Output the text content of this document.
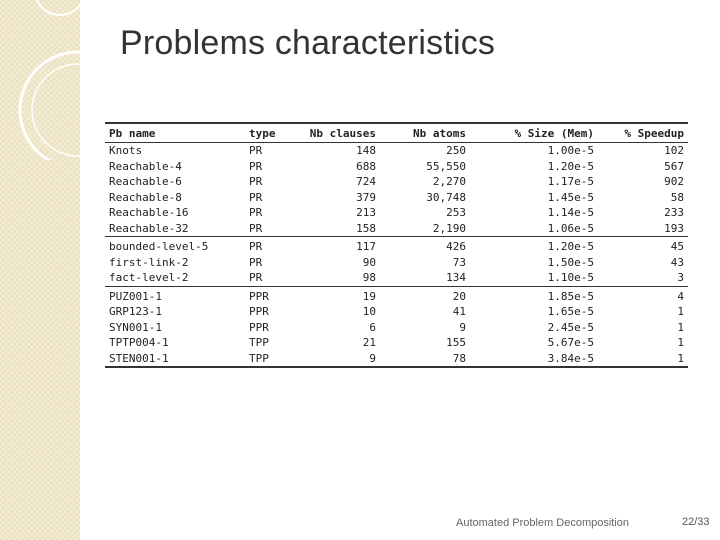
Problems characteristics
Pb name	type	Nb clauses	Nb atoms	% Size (Mem)	% Speedup
Knots	PR	148	250	1.00e-5	102
Reachable-4	PR	688	55,550	1.20e-5	567
Reachable-6	PR	724	2,270	1.17e-5	902
Reachable-8	PR	379	30,748	1.45e-5	58
Reachable-16	PR	213	253	1.14e-5	233
Reachable-32	PR	158	2,190	1.06e-5	193
bounded-level-5	PR	117	426	1.20e-5	45
first-link-2	PR	90	73	1.50e-5	43
fact-level-2	PR	98	134	1.10e-5	3
PUZ001-1	PPR	19	20	1.85e-5	4
GRP123-1	PPR	10	41	1.65e-5	1
SYN001-1	PPR	6	9	2.45e-5	1
TPTP004-1	TPP	21	155	5.67e-5	1
STEN001-1	TPP	9	78	3.84e-5	1
Automated Problem Decomposition	22/33
